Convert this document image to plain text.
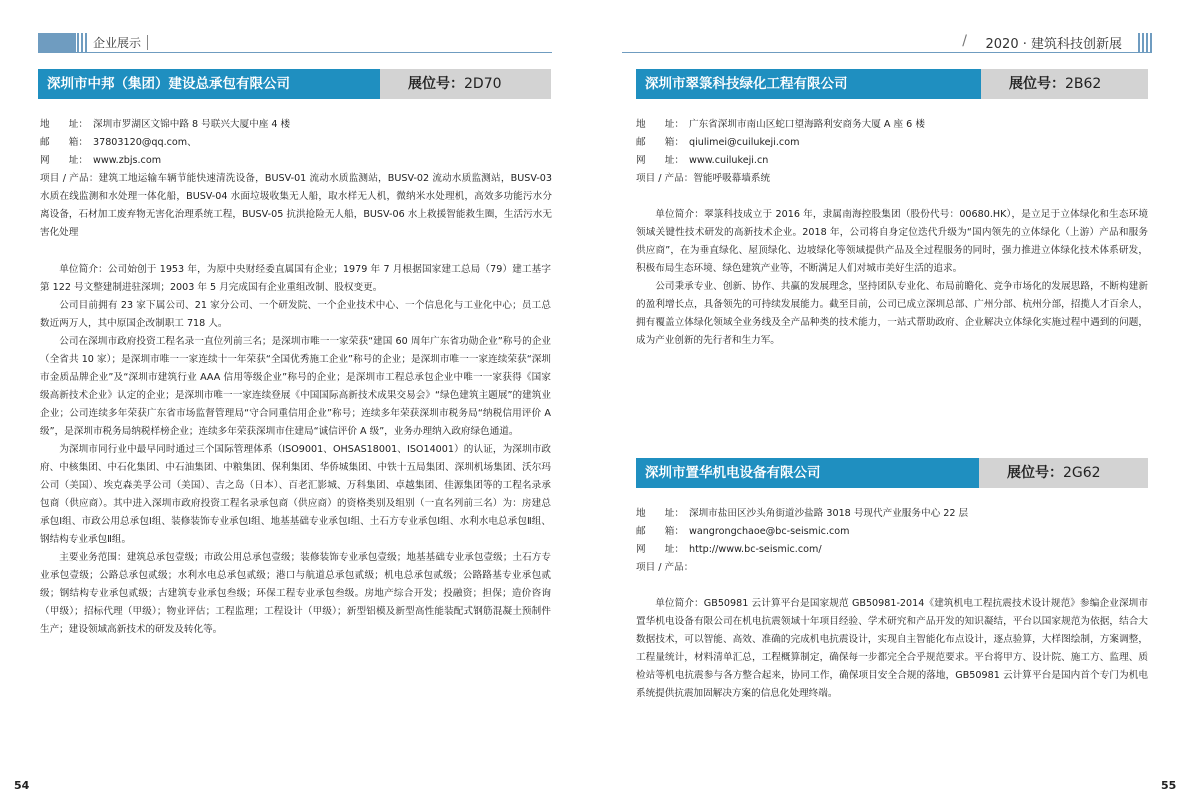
企业展示
深圳市中邦（集团）建设总承包有限公司	展位号：2D70
地　　址： 深圳市罗湖区文锦中路 8 号联兴大厦中座 4 楼
邮　　箱： 37803120@qq.com、
网　　址： www.zbjs.com
项目 / 产品：建筑工地运输车辆节能快速清洗设备，BUSV-01 流动水质监测站，BUSV-02 流动水质监测站，BUSV-03 水质在线监测和水处理一体化船，BUSV-04 水面垃圾收集无人船，取水样无人机，微纳米水处理机，高效多功能污水分离设备，石材加工废弃物无害化治理系统工程，BUSV-05 抗洪抢险无人船，BUSV-06 水上救援智能救生圈，生活污水无害化处理

单位简介：公司始创于 1953 年，为原中央财经委直属国有企业；1979 年 7 月根据国家建工总局（79）建工基字第 122 号文整建制进驻深圳；2003 年 5 月完成国有企业重组改制、股权变更。

公司目前拥有 23 家下属公司、21 家分公司、一个研发院、一个企业技术中心、一个信息化与工业化中心；员工总数近两万人，其中原国企改制职工 718 人。

公司在深圳市政府投资工程名录一直位列前三名；是深圳市唯一一家荣获“建国 60 周年广东省功勋企业”称号的企业（全省共 10 家）；是深圳市唯一一家连续十一年荣获“全国优秀施工企业”称号的企业；是深圳市唯一一家连续荣获“深圳市金质品牌企业”及“深圳市建筑行业 AAA 信用等级企业”称号的企业；是深圳市工程总承包企业中唯一一家获得《国家级高新技术企业》认定的企业；是深圳市唯一一家连续登展《中国国际高新技术成果交易会》“绿色建筑主题展”的建筑业企业；公司连续多年荣获广东省市场监督管理局“守合同重信用企业”称号；连续多年荣获深圳市税务局“纳税信用评价 A 级”，是深圳市税务局纳税样榜企业；连续多年荣获深圳市住建局“诚信评价 A 级”，业务办理纳入政府绿色通道。

为深圳市同行业中最早同时通过三个国际管理体系（ISO9001、OHSAS18001、ISO14001）的认证，为深圳市政府、中核集团、中石化集团、中石油集团、中粮集团、保利集团、华侨城集团、中铁十五局集团、深圳机场集团、沃尔玛公司（美国）、埃克森美孚公司（美国）、吉之岛（日本）、百老汇影城、万科集团、卓越集团、佳源集团等的工程名录承包商（供应商）。其中进入深圳市政府投资工程名录承包商（供应商）的资格类别及组别（一直名列前三名）为：房建总承包Ⅰ组、市政公用总承包Ⅰ组、装修装饰专业承包Ⅰ组、地基基础专业承包Ⅰ组、土石方专业承包Ⅰ组、水利水电总承包Ⅱ组、钢结构专业承包Ⅱ组。

主要业务范围：建筑总承包壹级；市政公用总承包壹级；装修装饰专业承包壹级；地基基础专业承包壹级；土石方专业承包壹级；公路总承包贰级；水利水电总承包贰级；港口与航道总承包贰级；机电总承包贰级；公路路基专业承包贰级；钢结构专业承包贰级；古建筑专业承包叁级；环保工程专业承包叁级。房地产综合开发；投融资；担保；造价咨询（甲级）；招标代理（甲级）；物业评估；工程监理；工程设计（甲级）；新型铝模及新型高性能装配式钢筋混凝土预制件生产；建设领域高新技术的研发及转化等。

54
/ 2020 · 建筑科技创新展
深圳市翠箓科技绿化工程有限公司	展位号：2B62
地　　址： 广东省深圳市南山区蛇口望海路利安商务大厦 A 座 6 楼
邮　　箱： qiulimei@cuilukeji.com
网　　址： www.cuilukeji.cn
项目 / 产品：智能呼吸幕墙系统

单位简介：翠箓科技成立于 2016 年，隶属南海控股集团（股份代号：00680.HK），是立足于立体绿化和生态环境领域关键性技术研发的高新技术企业。2018 年，公司将自身定位迭代升级为“国内领先的立体绿化（上游）产品和服务供应商”，在为垂直绿化、屋顶绿化、边坡绿化等领域提供产品及全过程服务的同时，强力推进立体绿化技术体系研发，积极布局生态环境、绿色建筑产业等，不断满足人们对城市美好生活的追求。

公司秉承专业、创新、协作、共赢的发展理念，坚持团队专业化、布局前瞻化、竞争市场化的发展思路，不断构建新的盈利增长点，具备领先的可持续发展能力。截至目前，公司已成立深圳总部、广州分部、杭州分部，招揽人才百余人，拥有覆盖立体绿化领域全业务线及全产品种类的技术能力，一站式帮助政府、企业解决立体绿化实施过程中遇到的问题，成为产业创新的先行者和生力军。

深圳市置华机电设备有限公司	展位号：2G62
地　　址： 深圳市盐田区沙头角街道沙盐路 3018 号现代产业服务中心 22 层
邮　　箱： wangrongchaoe@bc-seismic.com
网　　址： http://www.bc-seismic.com/
项目 / 产品：

单位简介：GB50981 云计算平台是国家规范 GB50981-2014《建筑机电工程抗震技术设计规范》参编企业深圳市置华机电设备有限公司在机电抗震领域十年项目经验、学术研究和产品开发的知识凝结，平台以国家规范为依据，结合大数据技术，可以智能、高效、准确的完成机电抗震设计，实现自主智能化布点设计，逐点验算，大样图绘制，方案调整，工程量统计，材料清单汇总，工程概算制定，确保每一步都完全合乎规范要求。平台将甲方、设计院、施工方、监理、质检站等机电抗震参与各方整合起来，协同工作，确保项目安全合规的落地，GB50981 云计算平台是国内首个专门为机电系统提供抗震加固解决方案的信息化处理终端。

55
